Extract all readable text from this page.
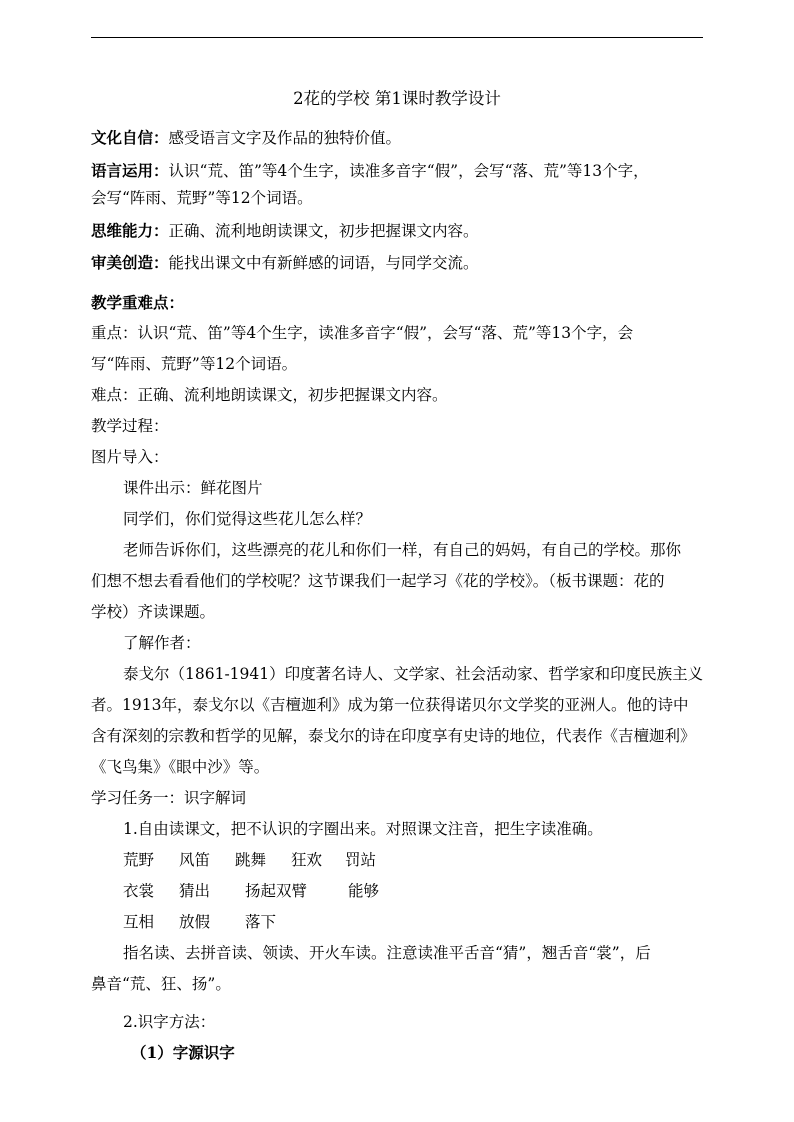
2花的学校 第1课时教学设计
文化自信：感受语言文字及作品的独特价值。
语言运用：认识“荒、笛”等4个生字，读准多音字“假”，会写“落、荒”等13个字，
会写“阵雨、荒野”等12个词语。
思维能力：正确、流利地朗读课文，初步把握课文内容。
审美创造：能找出课文中有新鲜感的词语，与同学交流。
教学重难点：
重点：认识“荒、笛”等4个生字，读准多音字“假”，会写“落、荒”等13个字，会
写“阵雨、荒野”等12个词语。
难点：正确、流利地朗读课文，初步把握课文内容。
教学过程：
图片导入：
课件出示：鲜花图片
同学们，你们觉得这些花儿怎么样？
老师告诉你们，这些漂亮的花儿和你们一样，有自己的妈妈，有自己的学校。那你
们想不想去看看他们的学校呢？这节课我们一起学习《花的学校》。（板书课题：花的
学校）齐读课题。
了解作者：
泰戈尔（1861-1941）印度著名诗人、文学家、社会活动家、哲学家和印度民族主义
者。1913年，泰戈尔以《吉檀迦利》成为第一位获得诺贝尔文学奖的亚洲人。他的诗中
含有深刻的宗教和哲学的见解，泰戈尔的诗在印度享有史诗的地位，代表作《吉檀迦利》
《飞鸟集》《眼中沙》等。
学习任务一：识字解词
1.自由读课文，把不认识的字圈出来。对照课文注音，把生字读准确。
荒野 风笛 跳舞 狂欢 罚站
衣裳 猜出 扬起双臂	能够
互相 放假 落下
指名读、去拼音读、领读、开火车读。注意读准平舌音“猜”，翘舌音“裳”，后
鼻音“荒、狂、扬”。
2.识字方法：
（1）字源识字
